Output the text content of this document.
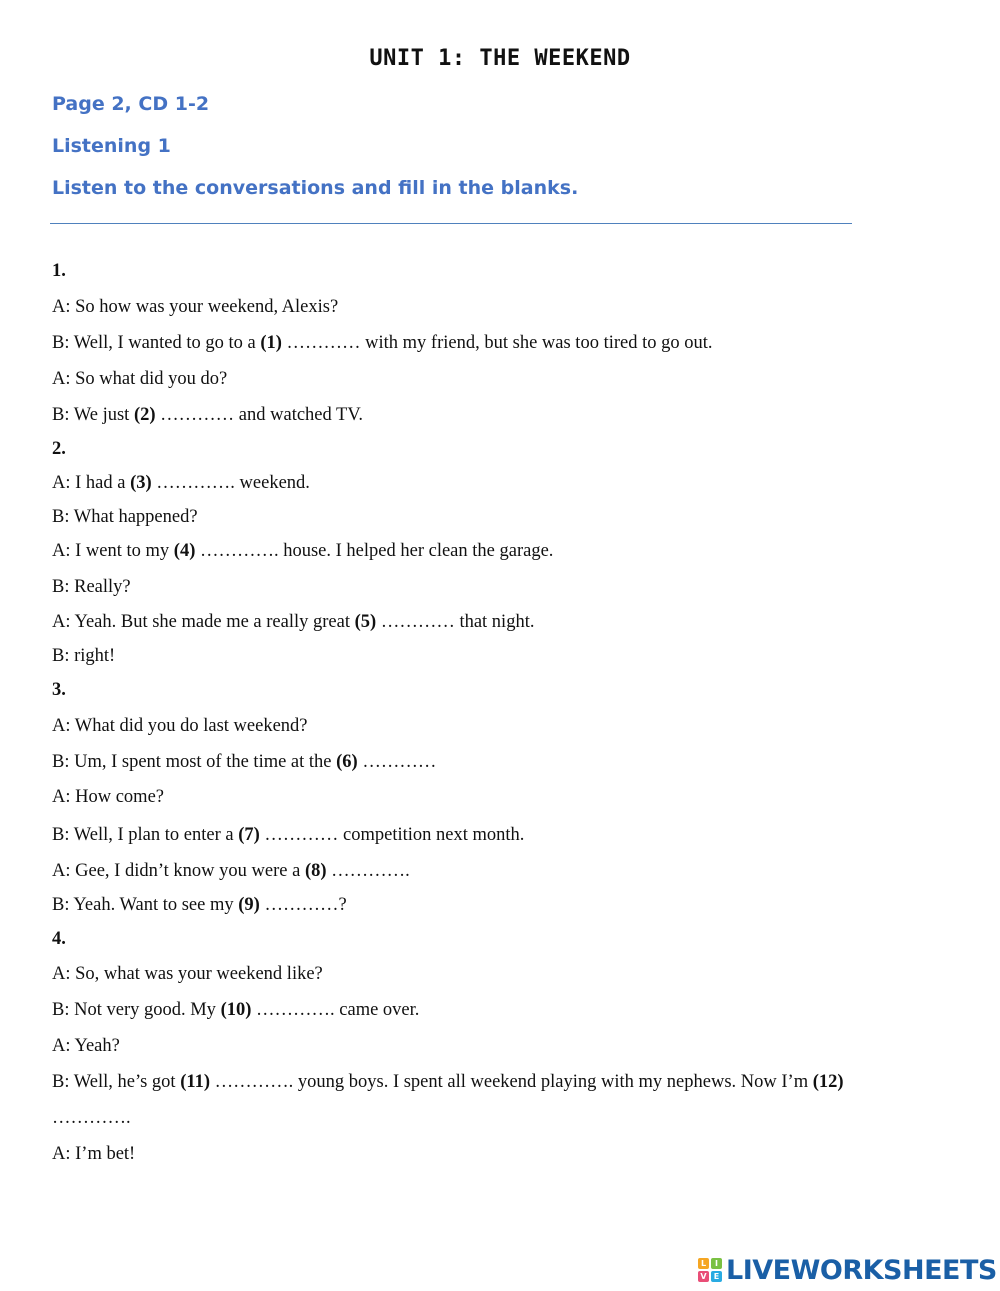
UNIT 1: THE WEEKEND
Page 2, CD 1-2
Listening 1
Listen to the conversations and fill in the blanks.
1.
A: So how was your weekend, Alexis?
B: Well, I wanted to go to a (1) ………… with my friend, but she was too tired to go out.
A: So what did you do?
B: We just (2) ………… and watched TV.
2.
A: I had a (3) …………. weekend.
B: What happened?
A: I went to my (4) …………. house. I helped her clean the garage.
B: Really?
A: Yeah. But she made me a really great (5) ………… that night.
B: right!
3.
A: What did you do last weekend?
B: Um, I spent most of the time at the (6) …………
A: How come?
B: Well, I plan to enter a (7) ………… competition next month.
A: Gee, I didn’t know you were a (8) ………….
B: Yeah. Want to see my (9) …………?
4.
A: So, what was your weekend like?
B: Not very good. My (10) …………. came over.
A: Yeah?
B: Well, he’s got (11) …………. young boys. I spent all weekend playing with my nephews. Now I’m (12)
………….
A: I’m bet!
L	I
V E LIVEWORKSHEETS
